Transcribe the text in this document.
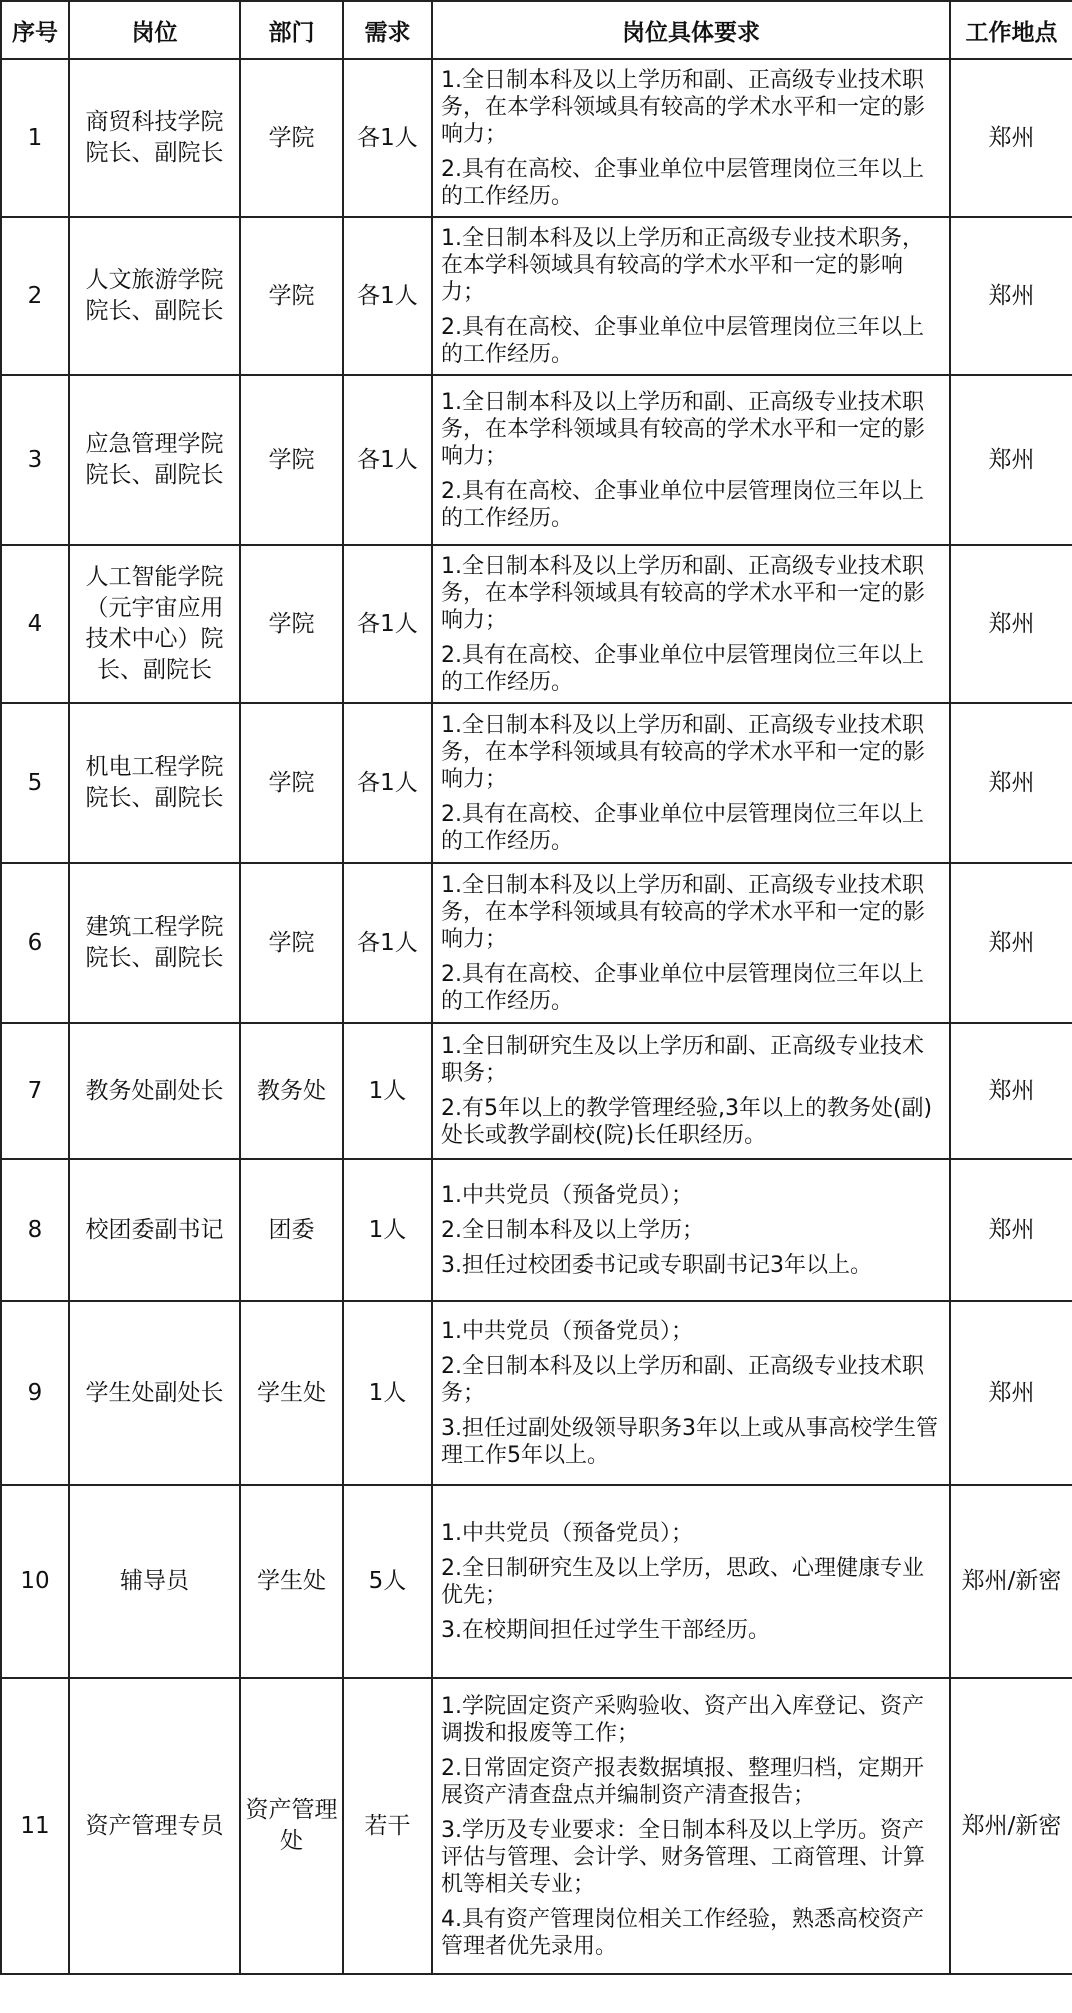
序号	岗位	部门	需求	岗位具体要求	工作地点
1	商贸科技学院院长、副院长	学院	各1人	1.全日制本科及以上学历和副、正高级专业技术职务，在本学科领域具有较高的学术水平和一定的影响力；

2.具有在高校、企事业单位中层管理岗位三年以上的工作经历。	郑州
2	人文旅游学院院长、副院长	学院	各1人	1.全日制本科及以上学历和正高级专业技术职务，在本学科领域具有较高的学术水平和一定的影响力；

2.具有在高校、企事业单位中层管理岗位三年以上的工作经历。	郑州
3	应急管理学院院长、副院长	学院	各1人	1.全日制本科及以上学历和副、正高级专业技术职务，在本学科领域具有较高的学术水平和一定的影响力；

2.具有在高校、企事业单位中层管理岗位三年以上的工作经历。	郑州
4	人工智能学院（元宇宙应用技术中心）院长、副院长	学院	各1人	1.全日制本科及以上学历和副、正高级专业技术职务，在本学科领域具有较高的学术水平和一定的影响力；

2.具有在高校、企事业单位中层管理岗位三年以上的工作经历。	郑州
5	机电工程学院院长、副院长	学院	各1人	1.全日制本科及以上学历和副、正高级专业技术职务，在本学科领域具有较高的学术水平和一定的影响力；

2.具有在高校、企事业单位中层管理岗位三年以上的工作经历。	郑州
6	建筑工程学院院长、副院长	学院	各1人	1.全日制本科及以上学历和副、正高级专业技术职务，在本学科领域具有较高的学术水平和一定的影响力；

2.具有在高校、企事业单位中层管理岗位三年以上的工作经历。	郑州
7	教务处副处长	教务处	1人	1.全日制研究生及以上学历和副、正高级专业技术职务；

2.有5年以上的教学管理经验,3年以上的教务处(副)处长或教学副校(院)长任职经历。	郑州
8	校团委副书记	团委	1人	1.中共党员（预备党员）；

2.全日制本科及以上学历；

3.担任过校团委书记或专职副书记3年以上。	郑州
9	学生处副处长	学生处	1人	1.中共党员（预备党员）；

2.全日制本科及以上学历和副、正高级专业技术职务；

3.担任过副处级领导职务3年以上或从事高校学生管理工作5年以上。	郑州
10	辅导员	学生处	5人	1.中共党员（预备党员）；

2.全日制研究生及以上学历，思政、心理健康专业优先；

3.在校期间担任过学生干部经历。	郑州/新密
11	资产管理专员	资产管理处	若干	1.学院固定资产采购验收、资产出入库登记、资产调拨和报废等工作；

2.日常固定资产报表数据填报、整理归档，定期开展资产清查盘点并编制资产清查报告；

3.学历及专业要求：全日制本科及以上学历。资产评估与管理、会计学、财务管理、工商管理、计算机等相关专业；

4.具有资产管理岗位相关工作经验，熟悉高校资产管理者优先录用。	郑州/新密
